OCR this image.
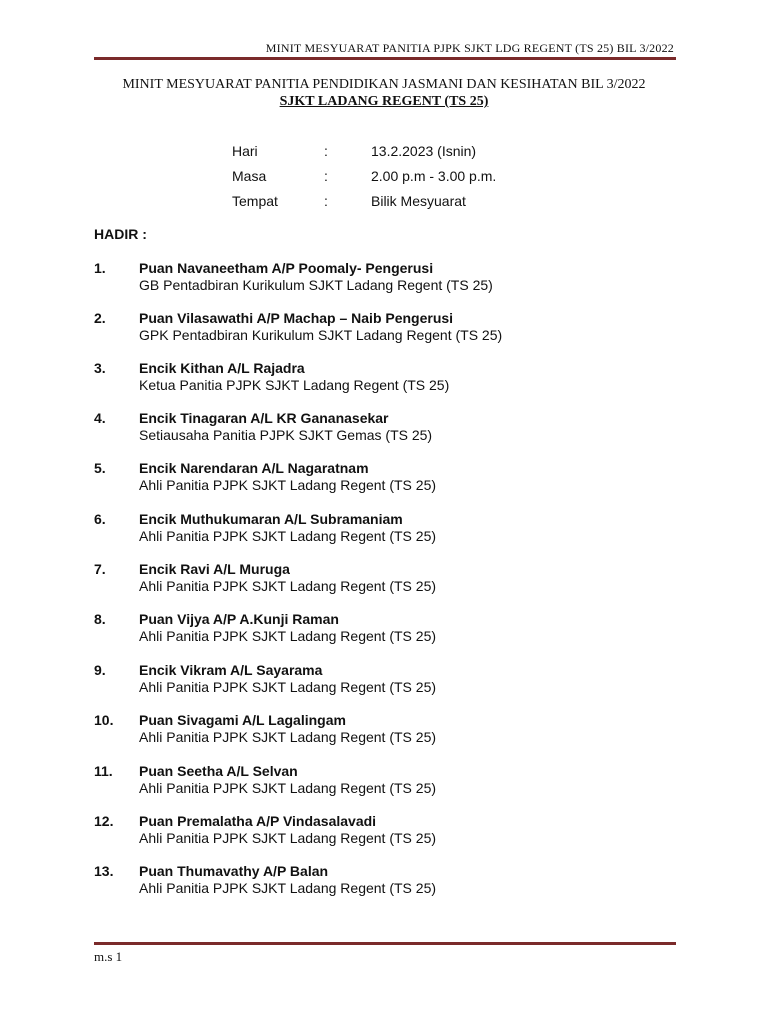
MINIT MESYUARAT PANITIA PJPK SJKT LDG REGENT (TS 25) BIL 3/2022
MINIT MESYUARAT PANITIA PENDIDIKAN JASMANI DAN KESIHATAN BIL 3/2022
SJKT LADANG REGENT (TS 25)
Hari	:	13.2.2023 (Isnin)
Masa	:	2.00 p.m - 3.00 p.m.
Tempat	:	Bilik Mesyuarat
HADIR :
1. Puan Navaneetham A/P Poomaly- Pengerusi
GB Pentadbiran Kurikulum SJKT Ladang Regent (TS 25)
2. Puan Vilasawathi A/P Machap – Naib Pengerusi
GPK Pentadbiran Kurikulum SJKT Ladang Regent (TS 25)
3. Encik Kithan A/L Rajadra
Ketua Panitia PJPK SJKT Ladang Regent (TS 25)
4. Encik Tinagaran A/L KR Gananasekar
Setiausaha Panitia PJPK SJKT Gemas (TS 25)
5. Encik Narendaran A/L Nagaratnam
Ahli Panitia PJPK SJKT Ladang Regent (TS 25)
6. Encik Muthukumaran A/L Subramaniam
Ahli Panitia PJPK SJKT Ladang Regent (TS 25)
7. Encik Ravi A/L Muruga
Ahli Panitia PJPK SJKT Ladang Regent (TS 25)
8. Puan Vijya A/P A.Kunji Raman
Ahli Panitia PJPK SJKT Ladang Regent (TS 25)
9. Encik Vikram A/L Sayarama
Ahli Panitia PJPK SJKT Ladang Regent (TS 25)
10. Puan Sivagami A/L Lagalingam
Ahli Panitia PJPK SJKT Ladang Regent (TS 25)
11. Puan Seetha A/L Selvan
Ahli Panitia PJPK SJKT Ladang Regent (TS 25)
12. Puan Premalatha A/P Vindasalavadi
Ahli Panitia PJPK SJKT Ladang Regent (TS 25)
13. Puan Thumavathy A/P Balan
Ahli Panitia PJPK SJKT Ladang Regent (TS 25)
m.s 1
